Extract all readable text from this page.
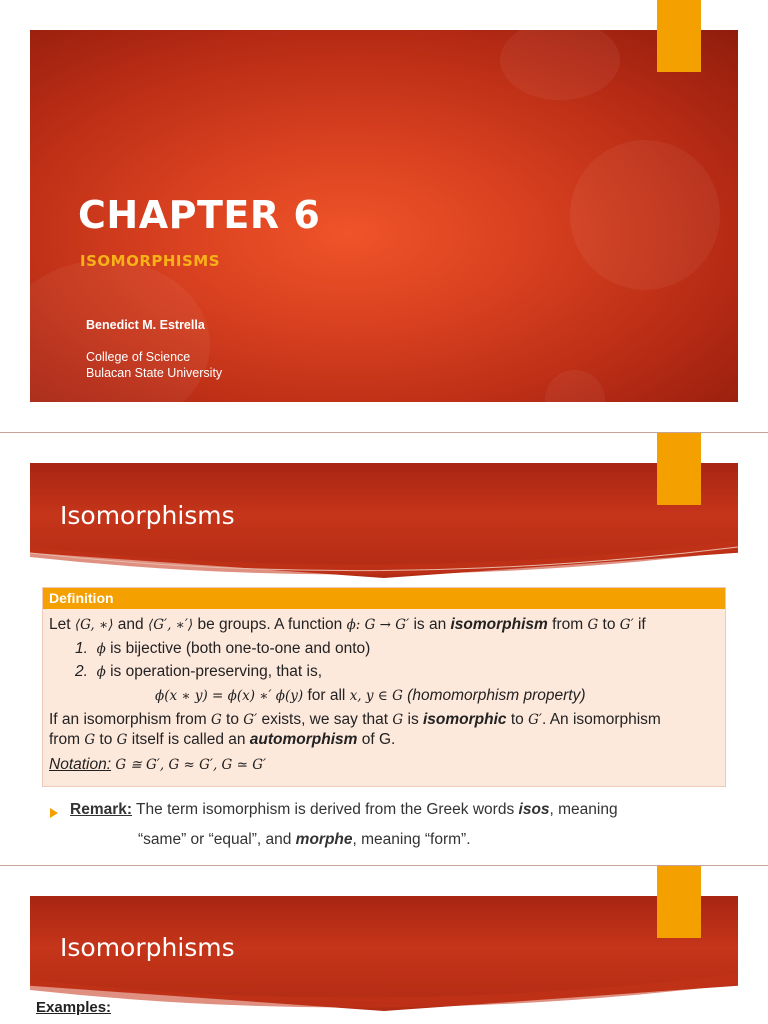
CHAPTER 6
ISOMORPHISMS
Benedict M. Estrella
College of Science
Bulacan State University
Isomorphisms
Definition
Let ⟨G, ∗⟩ and ⟨G′, ∗′⟩ be groups. A function ϕ: G → G′ is an isomorphism from G to G′ if
1. ϕ is bijective (both one-to-one and onto)
2. ϕ is operation-preserving, that is,
ϕ(x ∗ y) = ϕ(x) ∗′ ϕ(y) for all x, y ∈ G (homomorphism property)
If an isomorphism from G to G′ exists, we say that G is isomorphic to G′. An isomorphism
from G to G itself is called an automorphism of G.
Notation: G ≅ G′, G ≈ G′, G ≃ G′
Remark: The term isomorphism is derived from the Greek words isos, meaning
“same” or “equal”, and morphe, meaning “form”.
Isomorphisms
Examples:
